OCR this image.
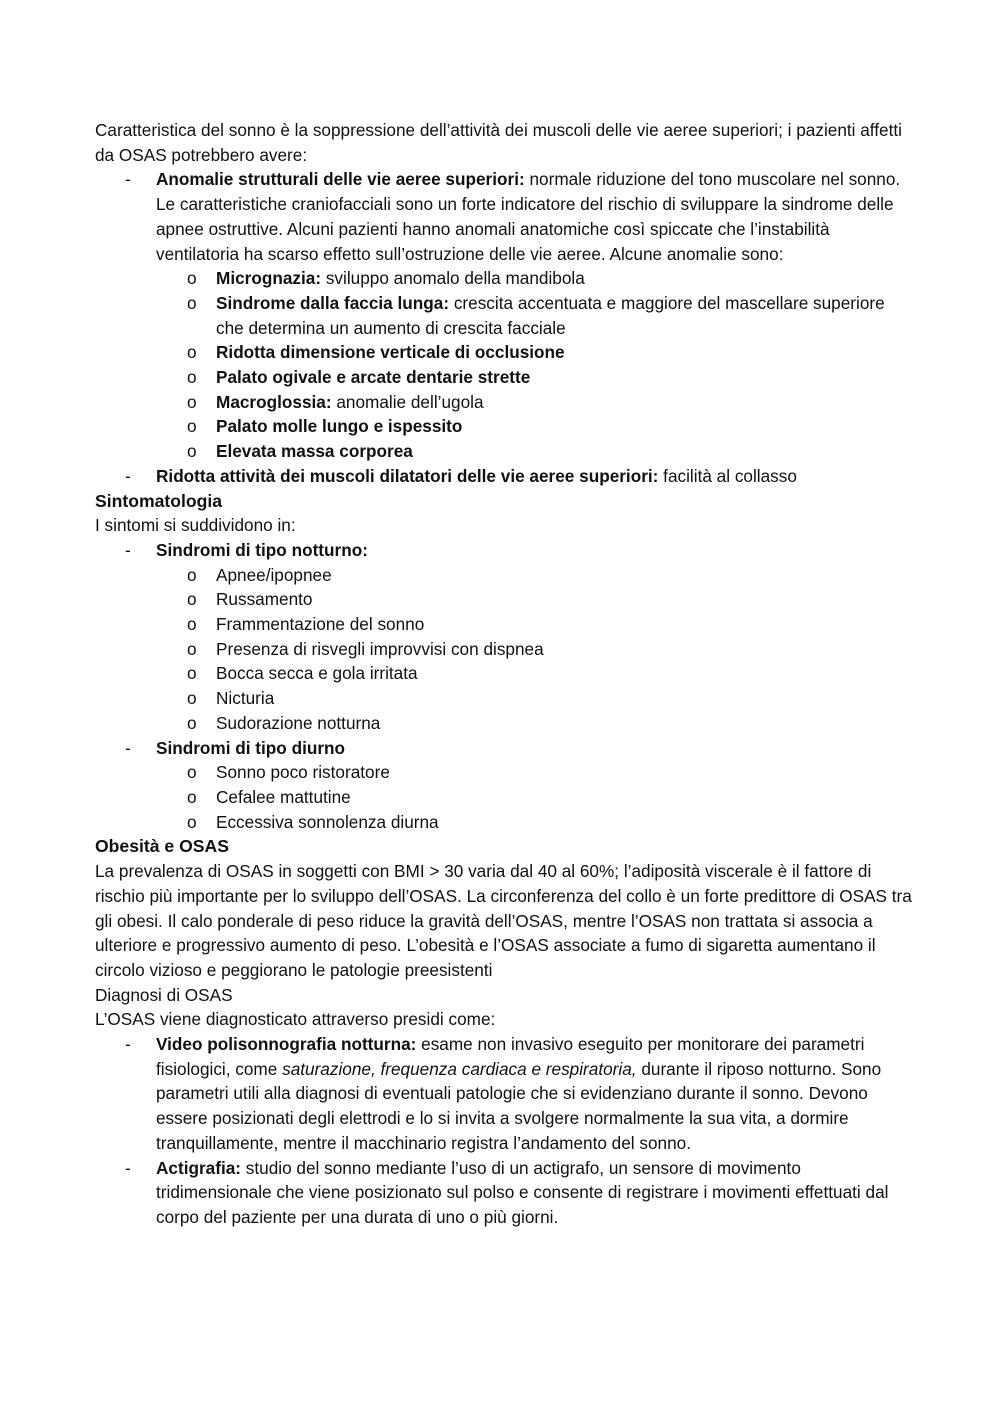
Caratteristica del sonno è la soppressione dell’attività dei muscoli delle vie aeree superiori; i pazienti affetti da OSAS potrebbero avere:

- Anomalie strutturali delle vie aeree superiori: normale riduzione del tono muscolare nel sonno. Le caratteristiche craniofacciali sono un forte indicatore del rischio di sviluppare la sindrome delle apnee ostruttive. Alcuni pazienti hanno anomali anatomiche così spiccate che l’instabilità ventilatoria ha scarso effetto sull’ostruzione delle vie aeree. Alcune anomalie sono:
o Micrognazia: sviluppo anomalo della mandibola
o Sindrome dalla faccia lunga: crescita accentuata e maggiore del mascellare superiore che determina un aumento di crescita facciale
o Ridotta dimensione verticale di occlusione
o Palato ogivale e arcate dentarie strette
o Macroglossia: anomalie dell’ugola
o Palato molle lungo e ispessito
o Elevata massa corporea
- Ridotta attività dei muscoli dilatatori delle vie aeree superiori: facilità al collasso
Sintomatologia

I sintomi si suddividono in:

- Sindromi di tipo notturno:
o Apnee/ipopnee
o Russamento
o Frammentazione del sonno
o Presenza di risvegli improvvisi con dispnea
o Bocca secca e gola irritata
o Nicturia
o Sudorazione notturna
- Sindromi di tipo diurno
o Sonno poco ristoratore
o Cefalee mattutine
o Eccessiva sonnolenza diurna
Obesità e OSAS

La prevalenza di OSAS in soggetti con BMI > 30 varia dal 40 al 60%; l’adiposità viscerale è il fattore di rischio più importante per lo sviluppo dell’OSAS. La circonferenza del collo è un forte predittore di OSAS tra gli obesi. Il calo ponderale di peso riduce la gravità dell’OSAS, mentre l’OSAS non trattata si associa a ulteriore e progressivo aumento di peso. L’obesità e l’OSAS associate a fumo di sigaretta aumentano il circolo vizioso e peggiorano le patologie preesistenti

Diagnosi di OSAS

L’OSAS viene diagnosticato attraverso presidi come:

- Video polisonnografia notturna: esame non invasivo eseguito per monitorare dei parametri fisiologici, come saturazione, frequenza cardiaca e respiratoria, durante il riposo notturno. Sono parametri utili alla diagnosi di eventuali patologie che si evidenziano durante il sonno. Devono essere posizionati degli elettrodi e lo si invita a svolgere normalmente la sua vita, a dormire tranquillamente, mentre il macchinario registra l’andamento del sonno.
- Actigrafia: studio del sonno mediante l’uso di un actigrafo, un sensore di movimento tridimensionale che viene posizionato sul polso e consente di registrare i movimenti effettuati dal corpo del paziente per una durata di uno o più giorni.
